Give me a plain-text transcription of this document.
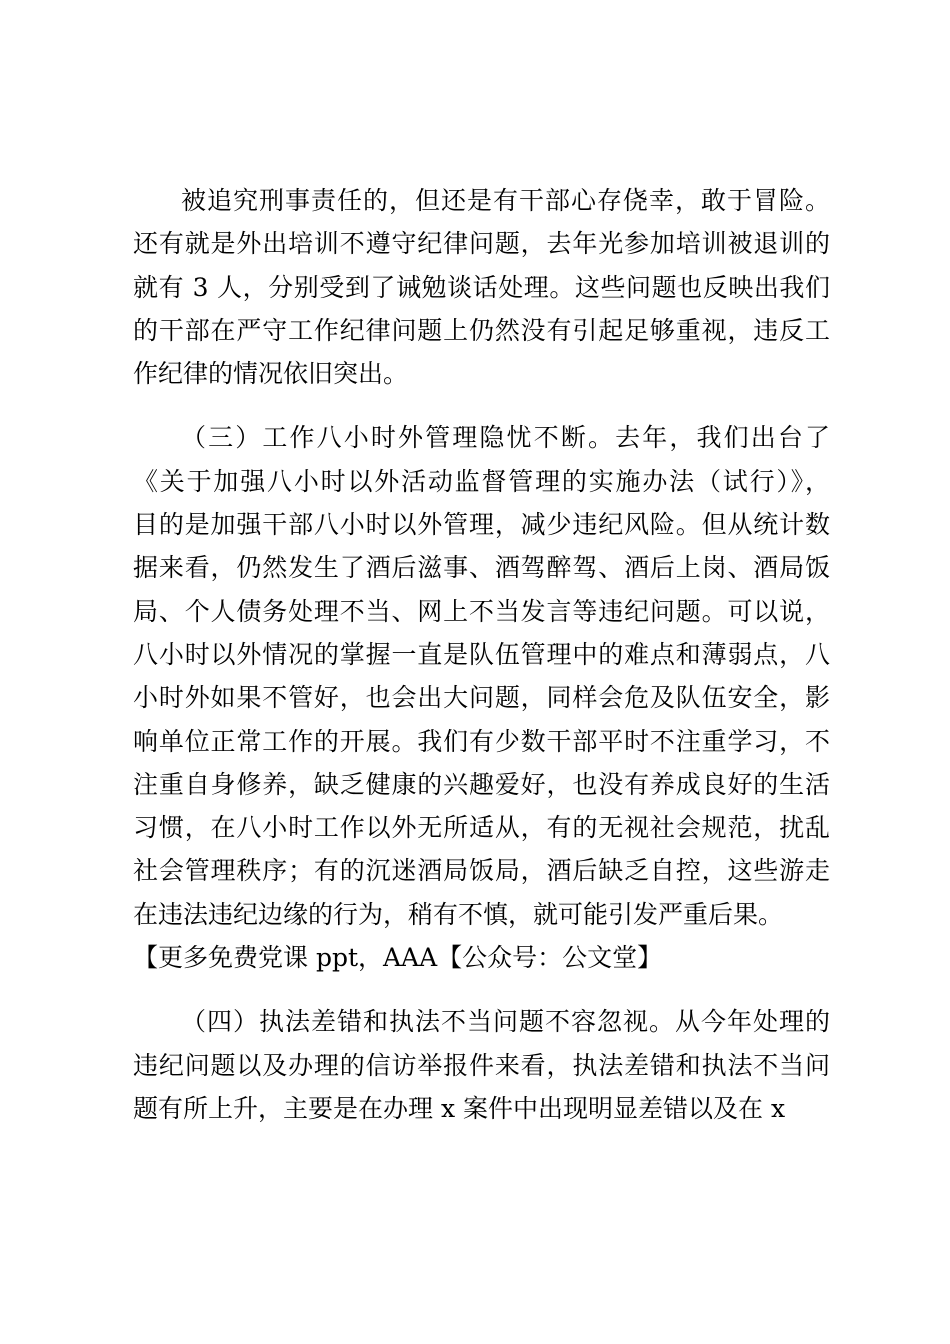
被追究刑事责任的，但还是有干部心存侥幸，敢于冒险。
还有就是外出培训不遵守纪律问题，去年光参加培训被退训的
就有 3 人，分别受到了诫勉谈话处理。这些问题也反映出我们
的干部在严守工作纪律问题上仍然没有引起足够重视，违反工
作纪律的情况依旧突出。
（三）工作八小时外管理隐忧不断。去年，我们出台了
《关于加强八小时以外活动监督管理的实施办法（试行）》，
目的是加强干部八小时以外管理，减少违纪风险。但从统计数
据来看，仍然发生了酒后滋事、酒驾醉驾、酒后上岗、酒局饭
局、个人债务处理不当、网上不当发言等违纪问题。可以说，
八小时以外情况的掌握一直是队伍管理中的难点和薄弱点，八
小时外如果不管好，也会出大问题，同样会危及队伍安全，影
响单位正常工作的开展。我们有少数干部平时不注重学习，不
注重自身修养，缺乏健康的兴趣爱好，也没有养成良好的生活
习惯，在八小时工作以外无所适从，有的无视社会规范，扰乱
社会管理秩序；有的沉迷酒局饭局，酒后缺乏自控，这些游走
在违法违纪边缘的行为，稍有不慎，就可能引发严重后果。
【更多免费党课 ppt，AAA【公众号：公文堂】
（四）执法差错和执法不当问题不容忽视。从今年处理的
违纪问题以及办理的信访举报件来看，执法差错和执法不当问
题有所上升，主要是在办理 x 案件中出现明显差错以及在 x
